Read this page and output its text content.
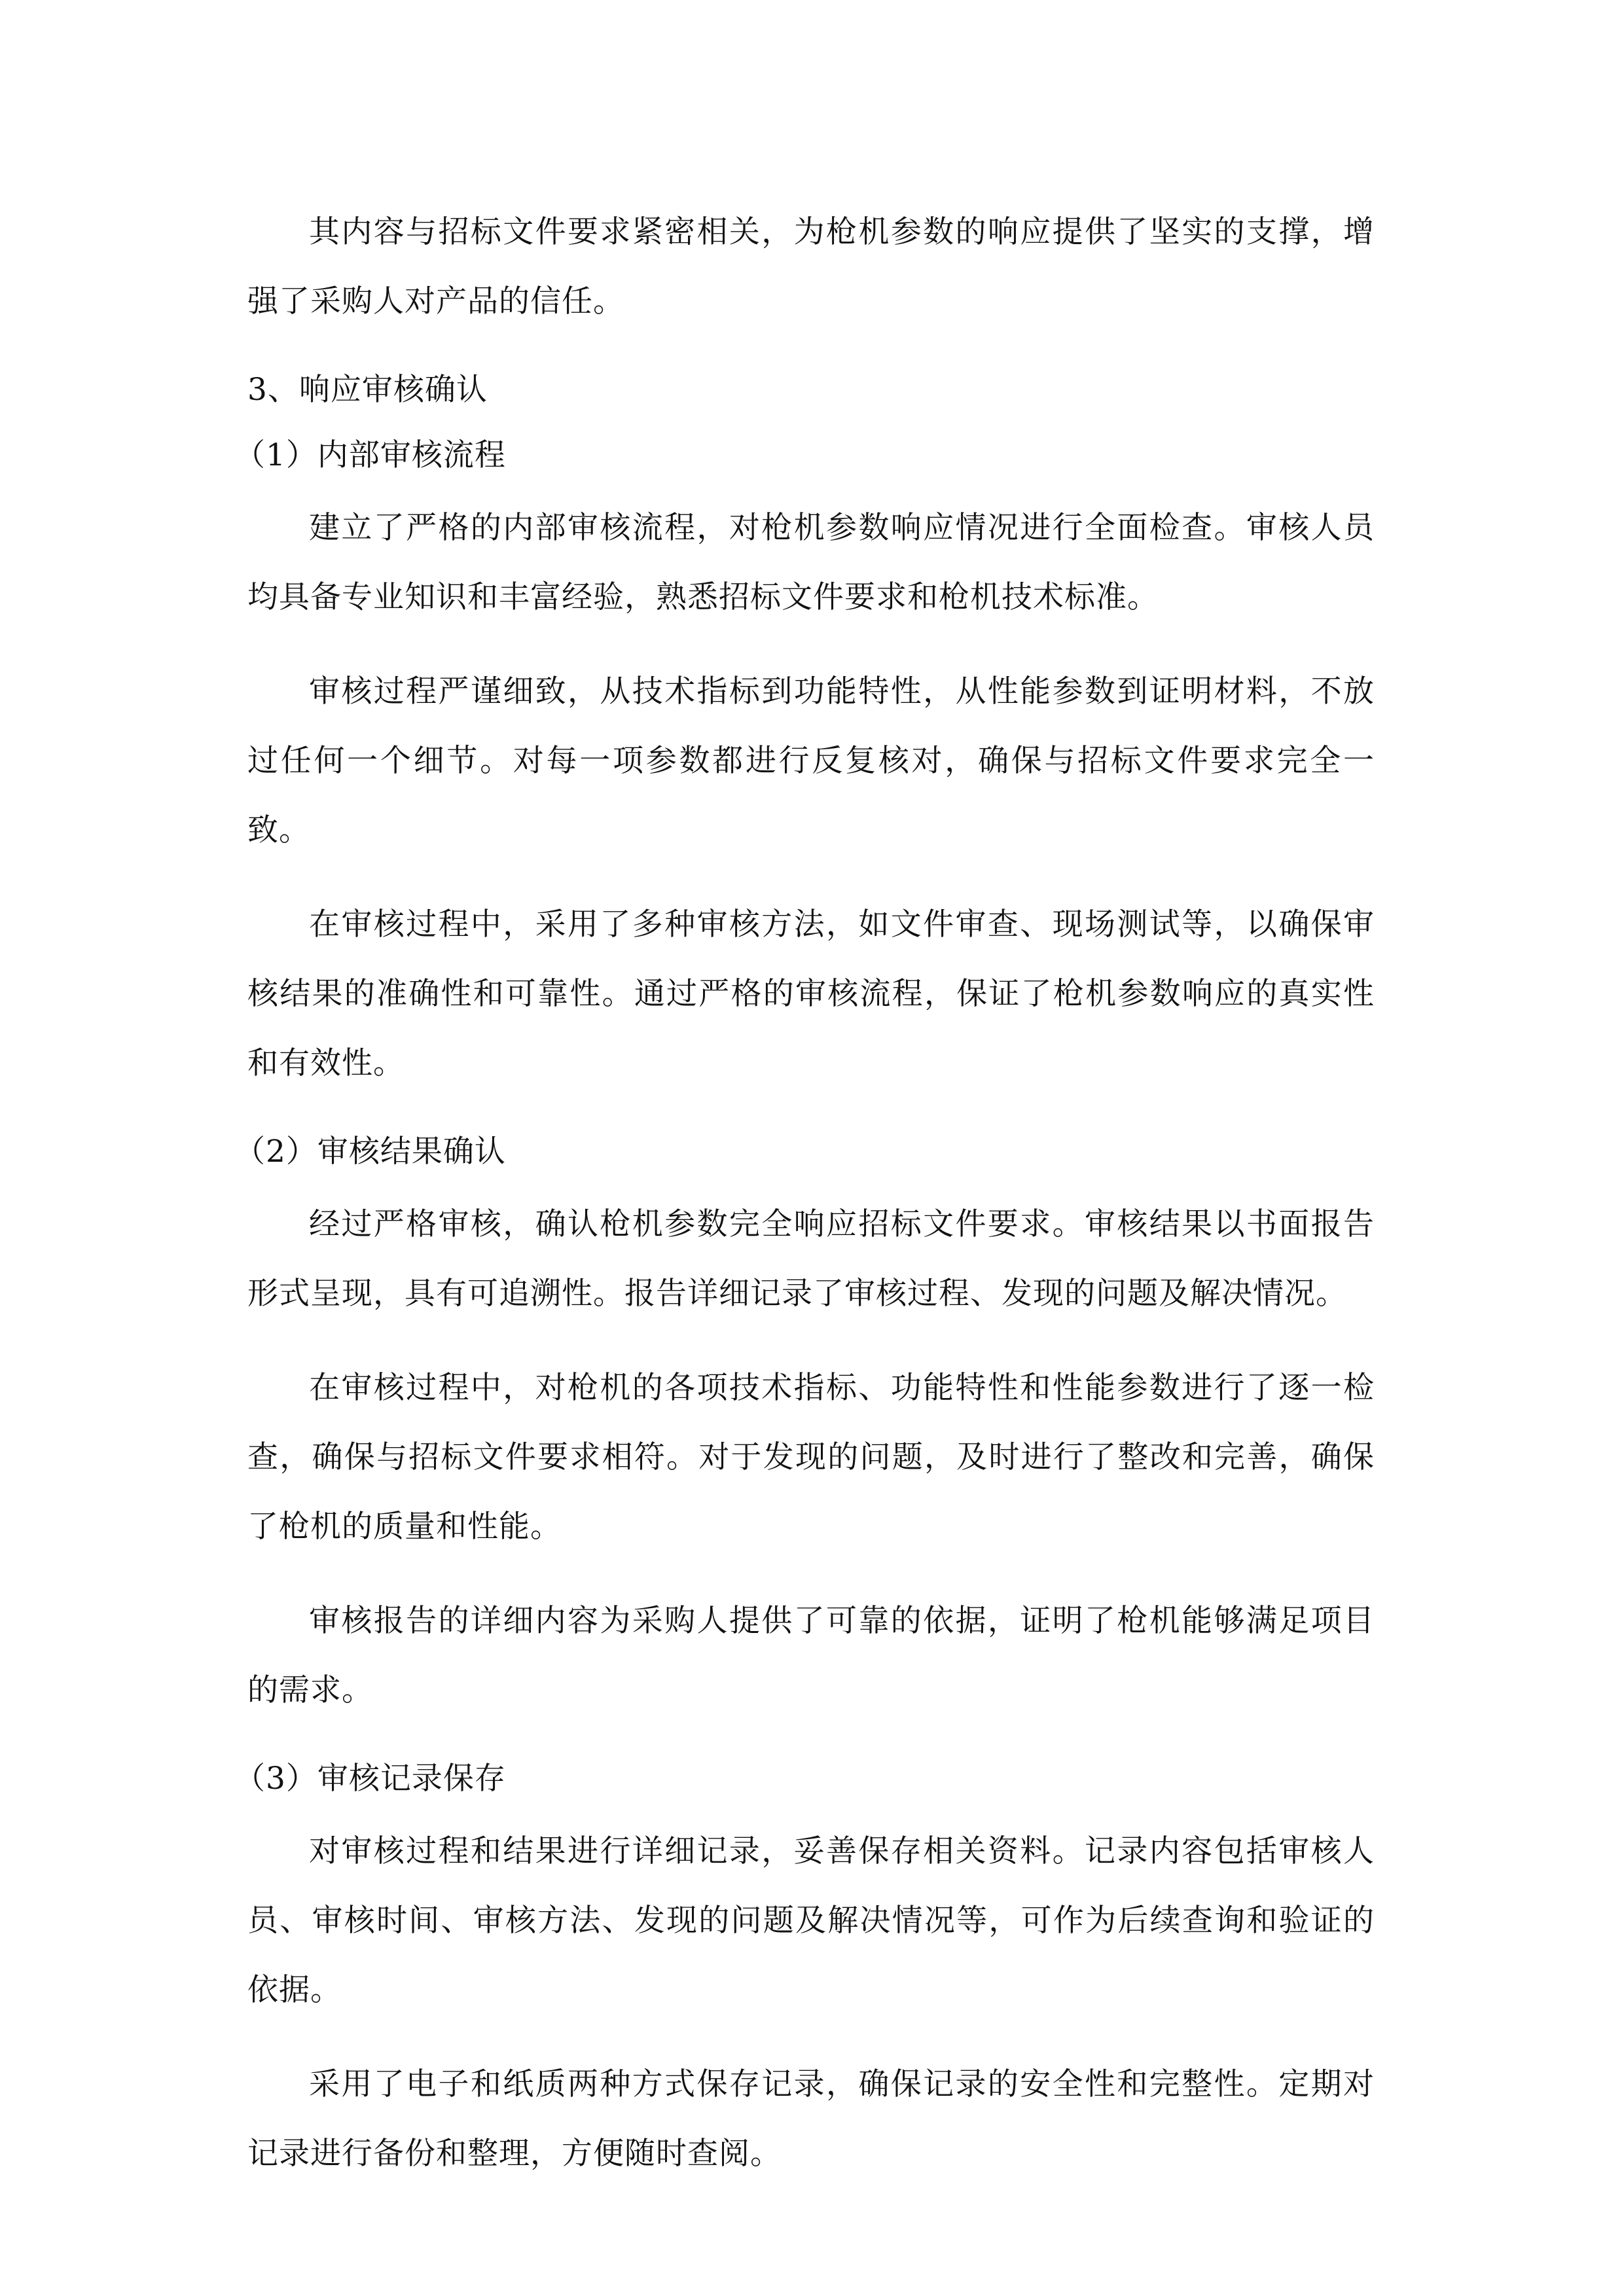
其内容与招标文件要求紧密相关，为枪机参数的响应提供了坚实的支撑，增强了采购人对产品的信任。

3、响应审核确认
（1）内部审核流程

建立了严格的内部审核流程，对枪机参数响应情况进行全面检查。审核人员均具备专业知识和丰富经验，熟悉招标文件要求和枪机技术标准。

审核过程严谨细致，从技术指标到功能特性，从性能参数到证明材料，不放过任何一个细节。对每一项参数都进行反复核对，确保与招标文件要求完全一致。

在审核过程中，采用了多种审核方法，如文件审查、现场测试等，以确保审核结果的准确性和可靠性。通过严格的审核流程，保证了枪机参数响应的真实性和有效性。

（2）审核结果确认

经过严格审核，确认枪机参数完全响应招标文件要求。审核结果以书面报告形式呈现，具有可追溯性。报告详细记录了审核过程、发现的问题及解决情况。

在审核过程中，对枪机的各项技术指标、功能特性和性能参数进行了逐一检查，确保与招标文件要求相符。对于发现的问题，及时进行了整改和完善，确保了枪机的质量和性能。

审核报告的详细内容为采购人提供了可靠的依据，证明了枪机能够满足项目的需求。

（3）审核记录保存

对审核过程和结果进行详细记录，妥善保存相关资料。记录内容包括审核人员、审核时间、审核方法、发现的问题及解决情况等，可作为后续查询和验证的依据。

采用了电子和纸质两种方式保存记录，确保记录的安全性和完整性。定期对记录进行备份和整理，方便随时查阅。
